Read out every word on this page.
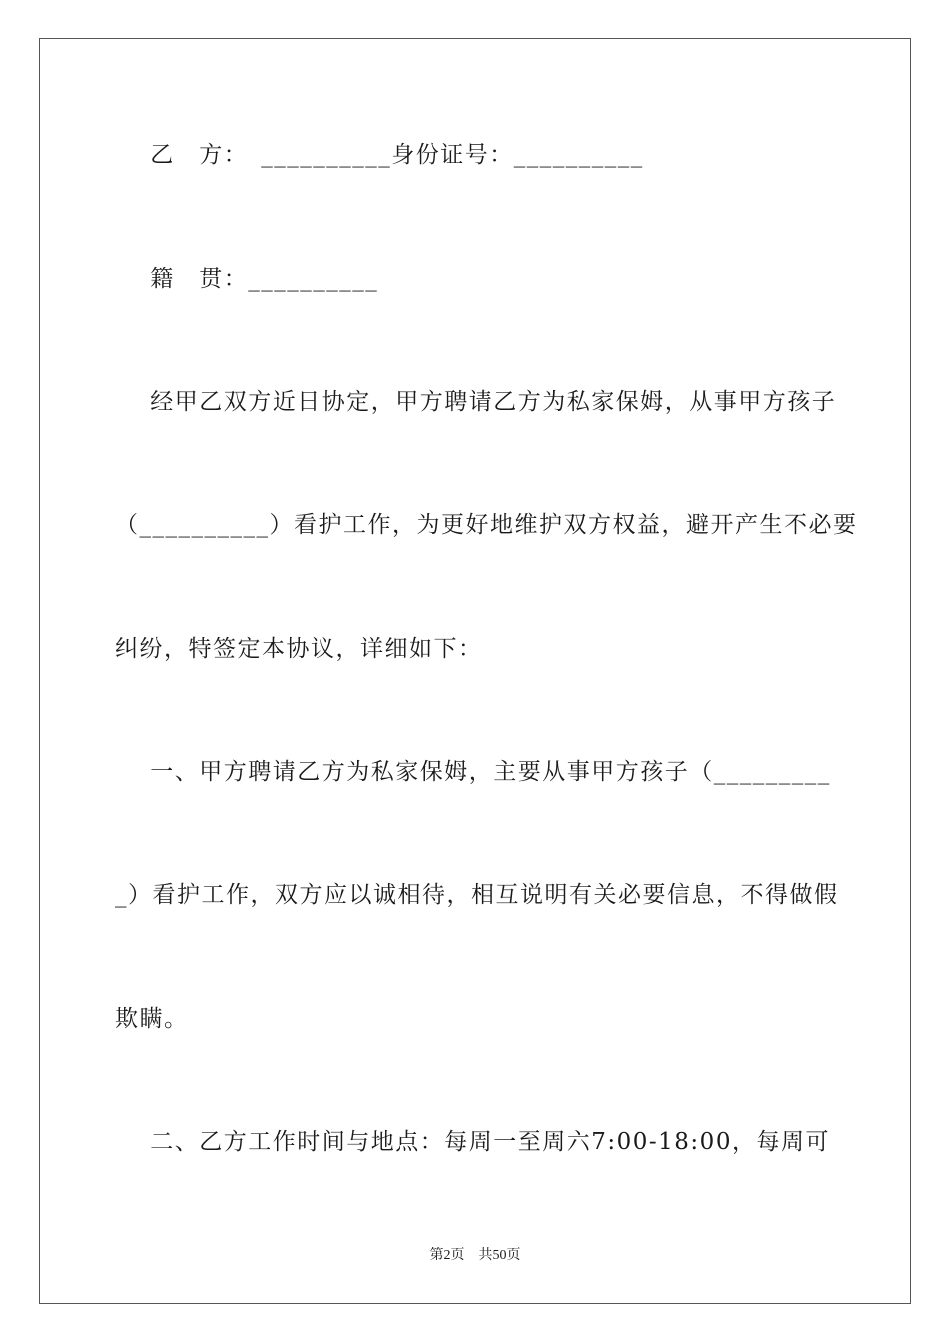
乙　方：　__________身份证号：__________
籍　贯：__________
经甲乙双方近日协定，甲方聘请乙方为私家保姆，从事甲方孩子
（__________）看护工作，为更好地维护双方权益，避开产生不必要
纠纷，特签定本协议，详细如下：
一、甲方聘请乙方为私家保姆，主要从事甲方孩子（_________
_）看护工作，双方应以诚相待，相互说明有关必要信息，不得做假
欺瞒。
二、乙方工作时间与地点：每周一至周六7:00-18:00，每周可
第2页　共50页
